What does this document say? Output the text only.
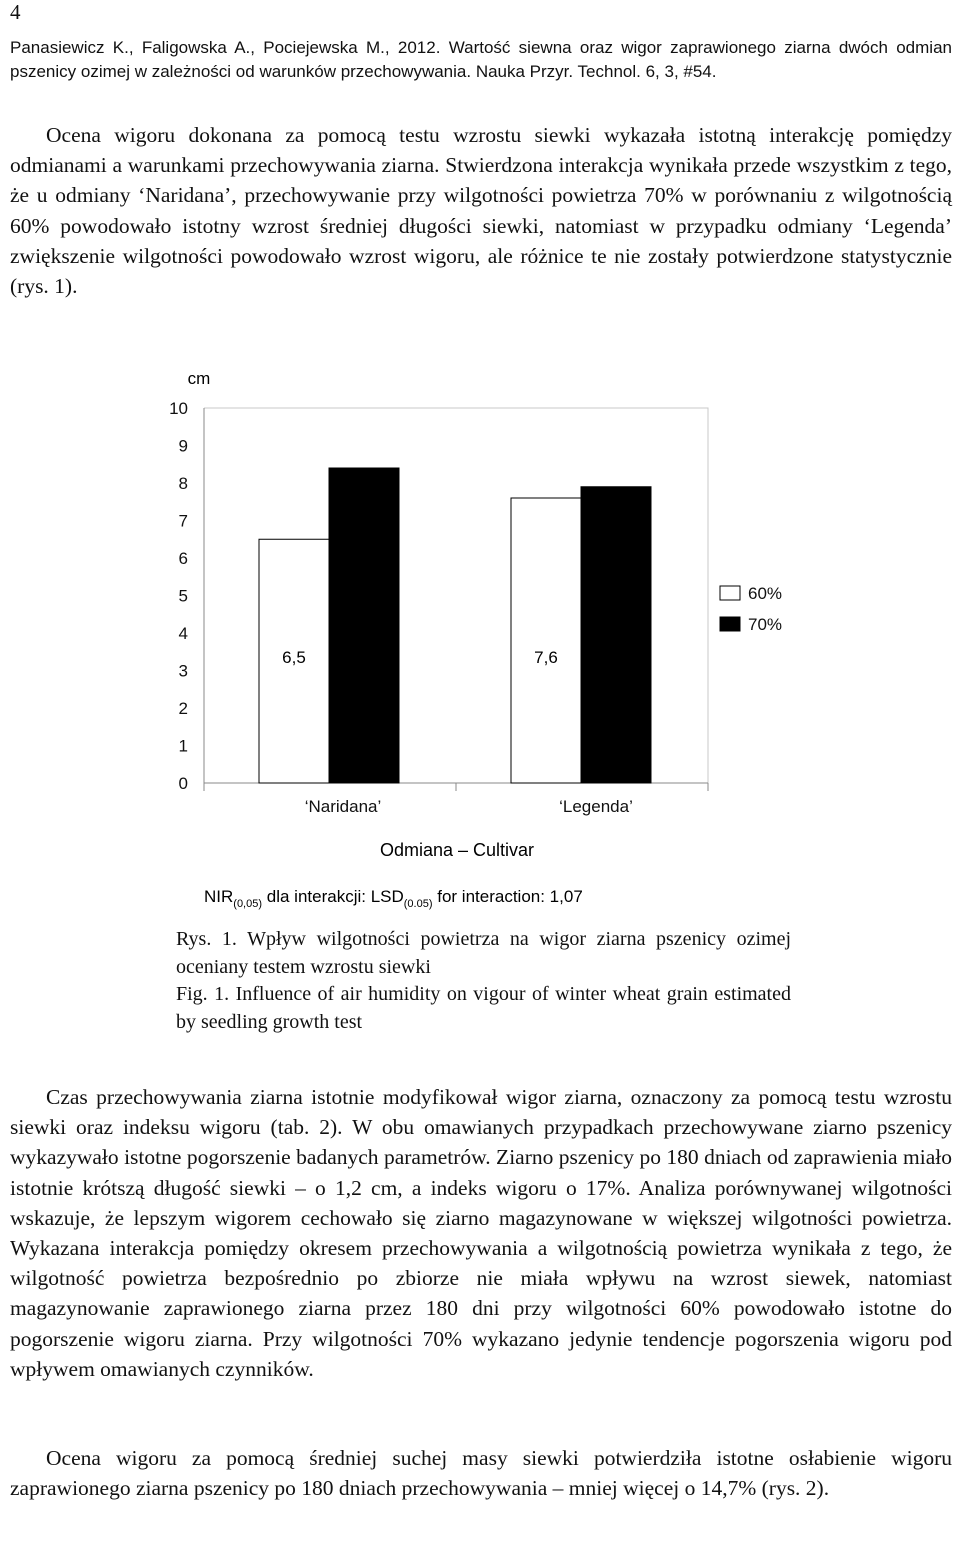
4
Panasiewicz K., Faligowska A., Pociejewska M., 2012. Wartość siewna oraz wigor zaprawionego ziarna dwóch odmian pszenicy ozimej w zależności od warunków przechowywania. Nauka Przyr. Technol. 6, 3, #54.

Ocena wigoru dokonana za pomocą testu wzrostu siewki wykazała istotną interakcję pomiędzy odmianami a warunkami przechowywania ziarna. Stwierdzona interakcja wynikała przede wszystkim z tego, że u odmiany ‘Naridana’, przechowywanie przy wilgotności powietrza 70% w porównaniu z wilgotnością 60% powodowało istotny wzrost średniej długości siewki, natomiast w przypadku odmiany ‘Legenda’ zwiększenie wilgotności powodowało wzrost wigoru, ale różnice te nie zostały potwierdzone statystycznie (rys. 1).

0
1
2
3
4
5
6
7
8
9
10
6,5	8,4
‘Naridana’
7,6	7,9
‘Legenda’
60%
70%
cm
Odmiana – Cultivar
$NIR_{(0,05)}$ dla interakcji: $LSD_{(0.05)}$ for interaction: 1,07

Rys. 1. Wpływ wilgotności powietrza na wigor ziarna pszenicy ozimej oceniany testem wzrostu siewki

Fig. 1. Influence of air humidity on vigour of winter wheat grain estimated by seedling growth test

Czas przechowywania ziarna istotnie modyfikował wigor ziarna, oznaczony za pomocą testu wzrostu siewki oraz indeksu wigoru (tab. 2). W obu omawianych przypadkach przechowywane ziarno pszenicy wykazywało istotne pogorszenie badanych parametrów. Ziarno pszenicy po 180 dniach od zaprawienia miało istotnie krótszą długość siewki – o 1,2 cm, a indeks wigoru o 17%. Analiza porównywanej wilgotności wskazuje, że lepszym wigorem cechowało się ziarno magazynowane w większej wilgotności powietrza. Wykazana interakcja pomiędzy okresem przechowywania a wilgotnością powietrza wynikała z tego, że wilgotność powietrza bezpośrednio po zbiorze nie miała wpływu na wzrost siewek, natomiast magazynowanie zaprawionego ziarna przez 180 dni przy wilgotności 60% powodowało istotne do pogorszenie wigoru ziarna. Przy wilgotności 70% wykazano jedynie tendencje pogorszenia wigoru pod wpływem omawianych czynników.

Ocena wigoru za pomocą średniej suchej masy siewki potwierdziła istotne osłabienie wigoru zaprawionego ziarna pszenicy po 180 dniach przechowywania – mniej więcej o 14,7% (rys. 2).
